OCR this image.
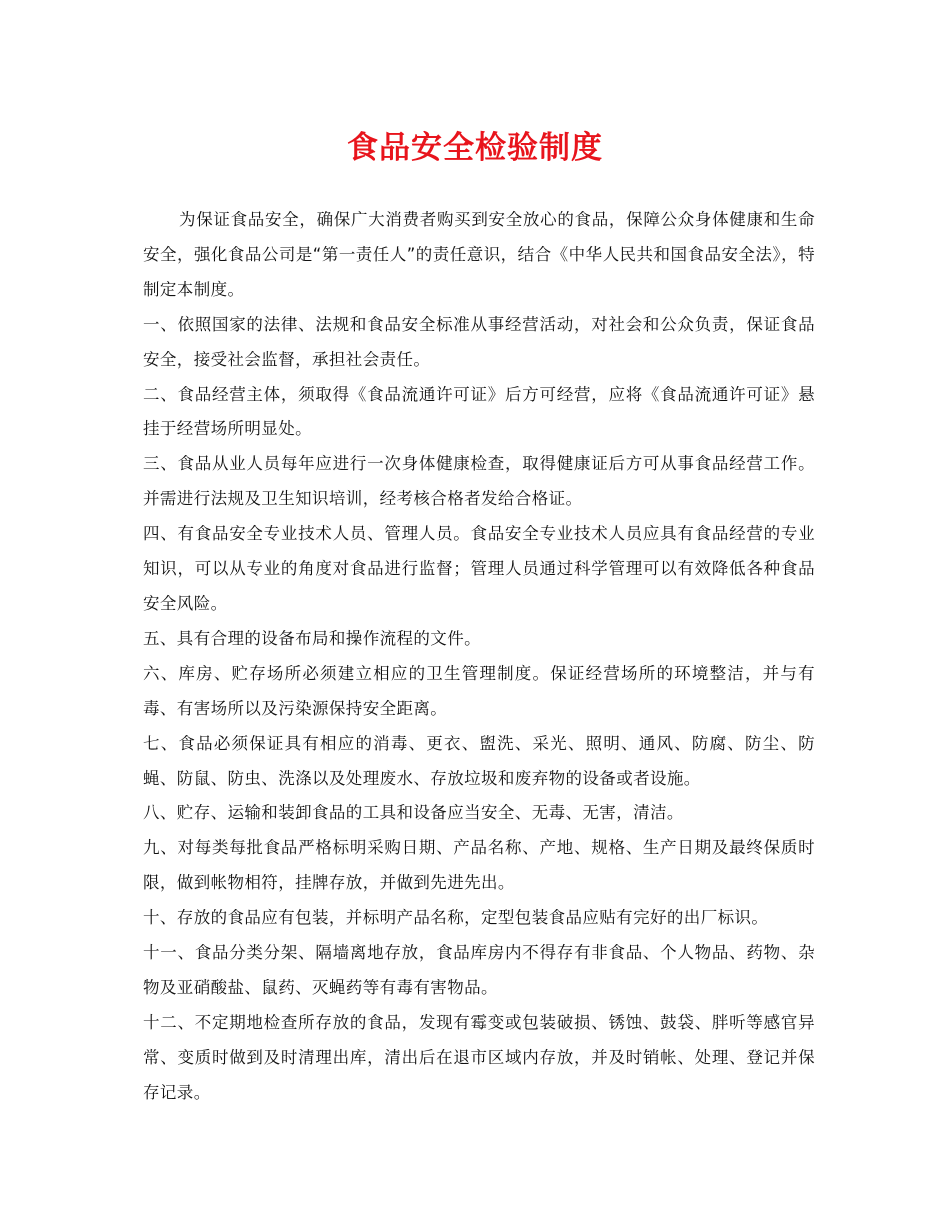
食品安全检验制度

为保证食品安全，确保广大消费者购买到安全放心的食品，保障公众身体健康和生命安全，强化食品公司是“第一责任人”的责任意识，结合《中华人民共和国食品安全法》，特制定本制度。

一、依照国家的法律、法规和食品安全标准从事经营活动，对社会和公众负责，保证食品安全，接受社会监督，承担社会责任。

二、食品经营主体，须取得《食品流通许可证》后方可经营，应将《食品流通许可证》悬挂于经营场所明显处。

三、食品从业人员每年应进行一次身体健康检查，取得健康证后方可从事食品经营工作。并需进行法规及卫生知识培训，经考核合格者发给合格证。

四、有食品安全专业技术人员、管理人员。食品安全专业技术人员应具有食品经营的专业知识，可以从专业的角度对食品进行监督；管理人员通过科学管理可以有效降低各种食品安全风险。

五、具有合理的设备布局和操作流程的文件。

六、库房、贮存场所必须建立相应的卫生管理制度。保证经营场所的环境整洁，并与有毒、有害场所以及污染源保持安全距离。

七、食品必须保证具有相应的消毒、更衣、盥洗、采光、照明、通风、防腐、防尘、防蝇、防鼠、防虫、洗涤以及处理废水、存放垃圾和废弃物的设备或者设施。

八、贮存、运输和装卸食品的工具和设备应当安全、无毒、无害，清洁。

九、对每类每批食品严格标明采购日期、产品名称、产地、规格、生产日期及最终保质时限，做到帐物相符，挂牌存放，并做到先进先出。

十、存放的食品应有包装，并标明产品名称，定型包装食品应贴有完好的出厂标识。

十一、食品分类分架、隔墙离地存放，食品库房内不得存有非食品、个人物品、药物、杂物及亚硝酸盐、鼠药、灭蝇药等有毒有害物品。

十二、不定期地检查所存放的食品，发现有霉变或包装破损、锈蚀、鼓袋、胖听等感官异常、变质时做到及时清理出库，清出后在退市区域内存放，并及时销帐、处理、登记并保存记录。
